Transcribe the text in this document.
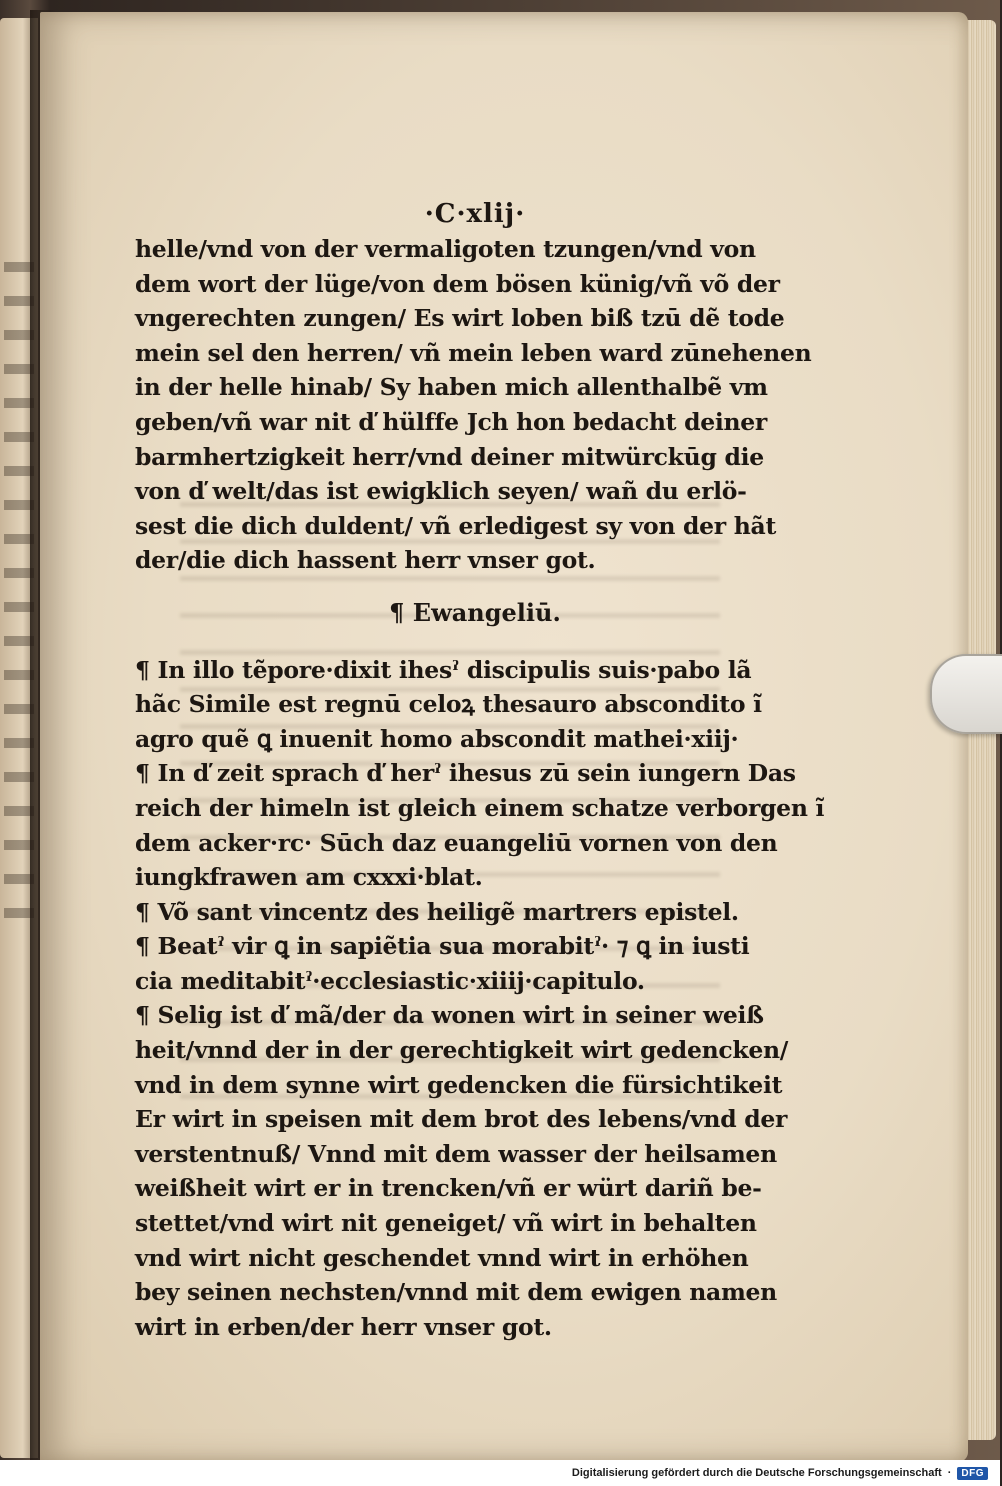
·C·xlij·
helle/vnd von der vermaligoten tzungen/vnd von
dem wort der lüge/von dem bösen künig/vñ võ der
vngerechten zungen/ Es wirt loben biß tzū dẽ tode
mein sel den herren/ vñ mein leben ward zūnehenen
in der helle hinab/ Sy haben mich allenthalbẽ vm
geben/vñ war nit ď hülffe Jch hon bedacht deiner
barmhertzigkeit herr/vnd deiner mitwürckūg die
von ď welt/das ist ewigklich seyen/ wañ du erlö-
sest die dich duldent/ vñ erledigest sy von der hãt
der/die dich hassent herr vnser got.
¶ Ewangeliū.
¶ In illo tẽpore·dixit ihesˀ discipulis suis·pabo lã
hãc Simile est regnū celoꝝ thesauro abscondito ĩ
agro quẽ ꝗ inuenit homo abscondit mathei·xiij·
¶ In ď zeit sprach ď herˀ ihesus zū sein iungern Das
reich der himeln ist gleich einem schatze verborgen ĩ
dem acker·rc· Sūch daz euangeliū vornen von den
iungkfrawen am cxxxi·blat.
¶ Võ sant vincentz des heiligẽ martrers epistel.
¶ Beatˀ vir ꝗ in sapiẽtia sua morabitˀ· ⁊ ꝗ in iusti
cia meditabitˀ·ecclesiastic·xiiij·capitulo.
¶ Selig ist ď mã/der da wonen wirt in seiner weiß
heit/vnnd der in der gerechtigkeit wirt gedencken/
vnd in dem synne wirt gedencken die fürsichtikeit
Er wirt in speisen mit dem brot des lebens/vnd der
verstentnuß/ Vnnd mit dem wasser der heilsamen
weißheit wirt er in trencken/vñ er würt dariñ be-
stettet/vnd wirt nit geneiget/ vñ wirt in behalten
vnd wirt nicht geschendet vnnd wirt in erhöhen
bey seinen nechsten/vnnd mit dem ewigen namen
wirt in erben/der herr vnser got.
Digitalisierung gefördert durch die Deutsche Forschungsgemeinschaft ·	DFG
